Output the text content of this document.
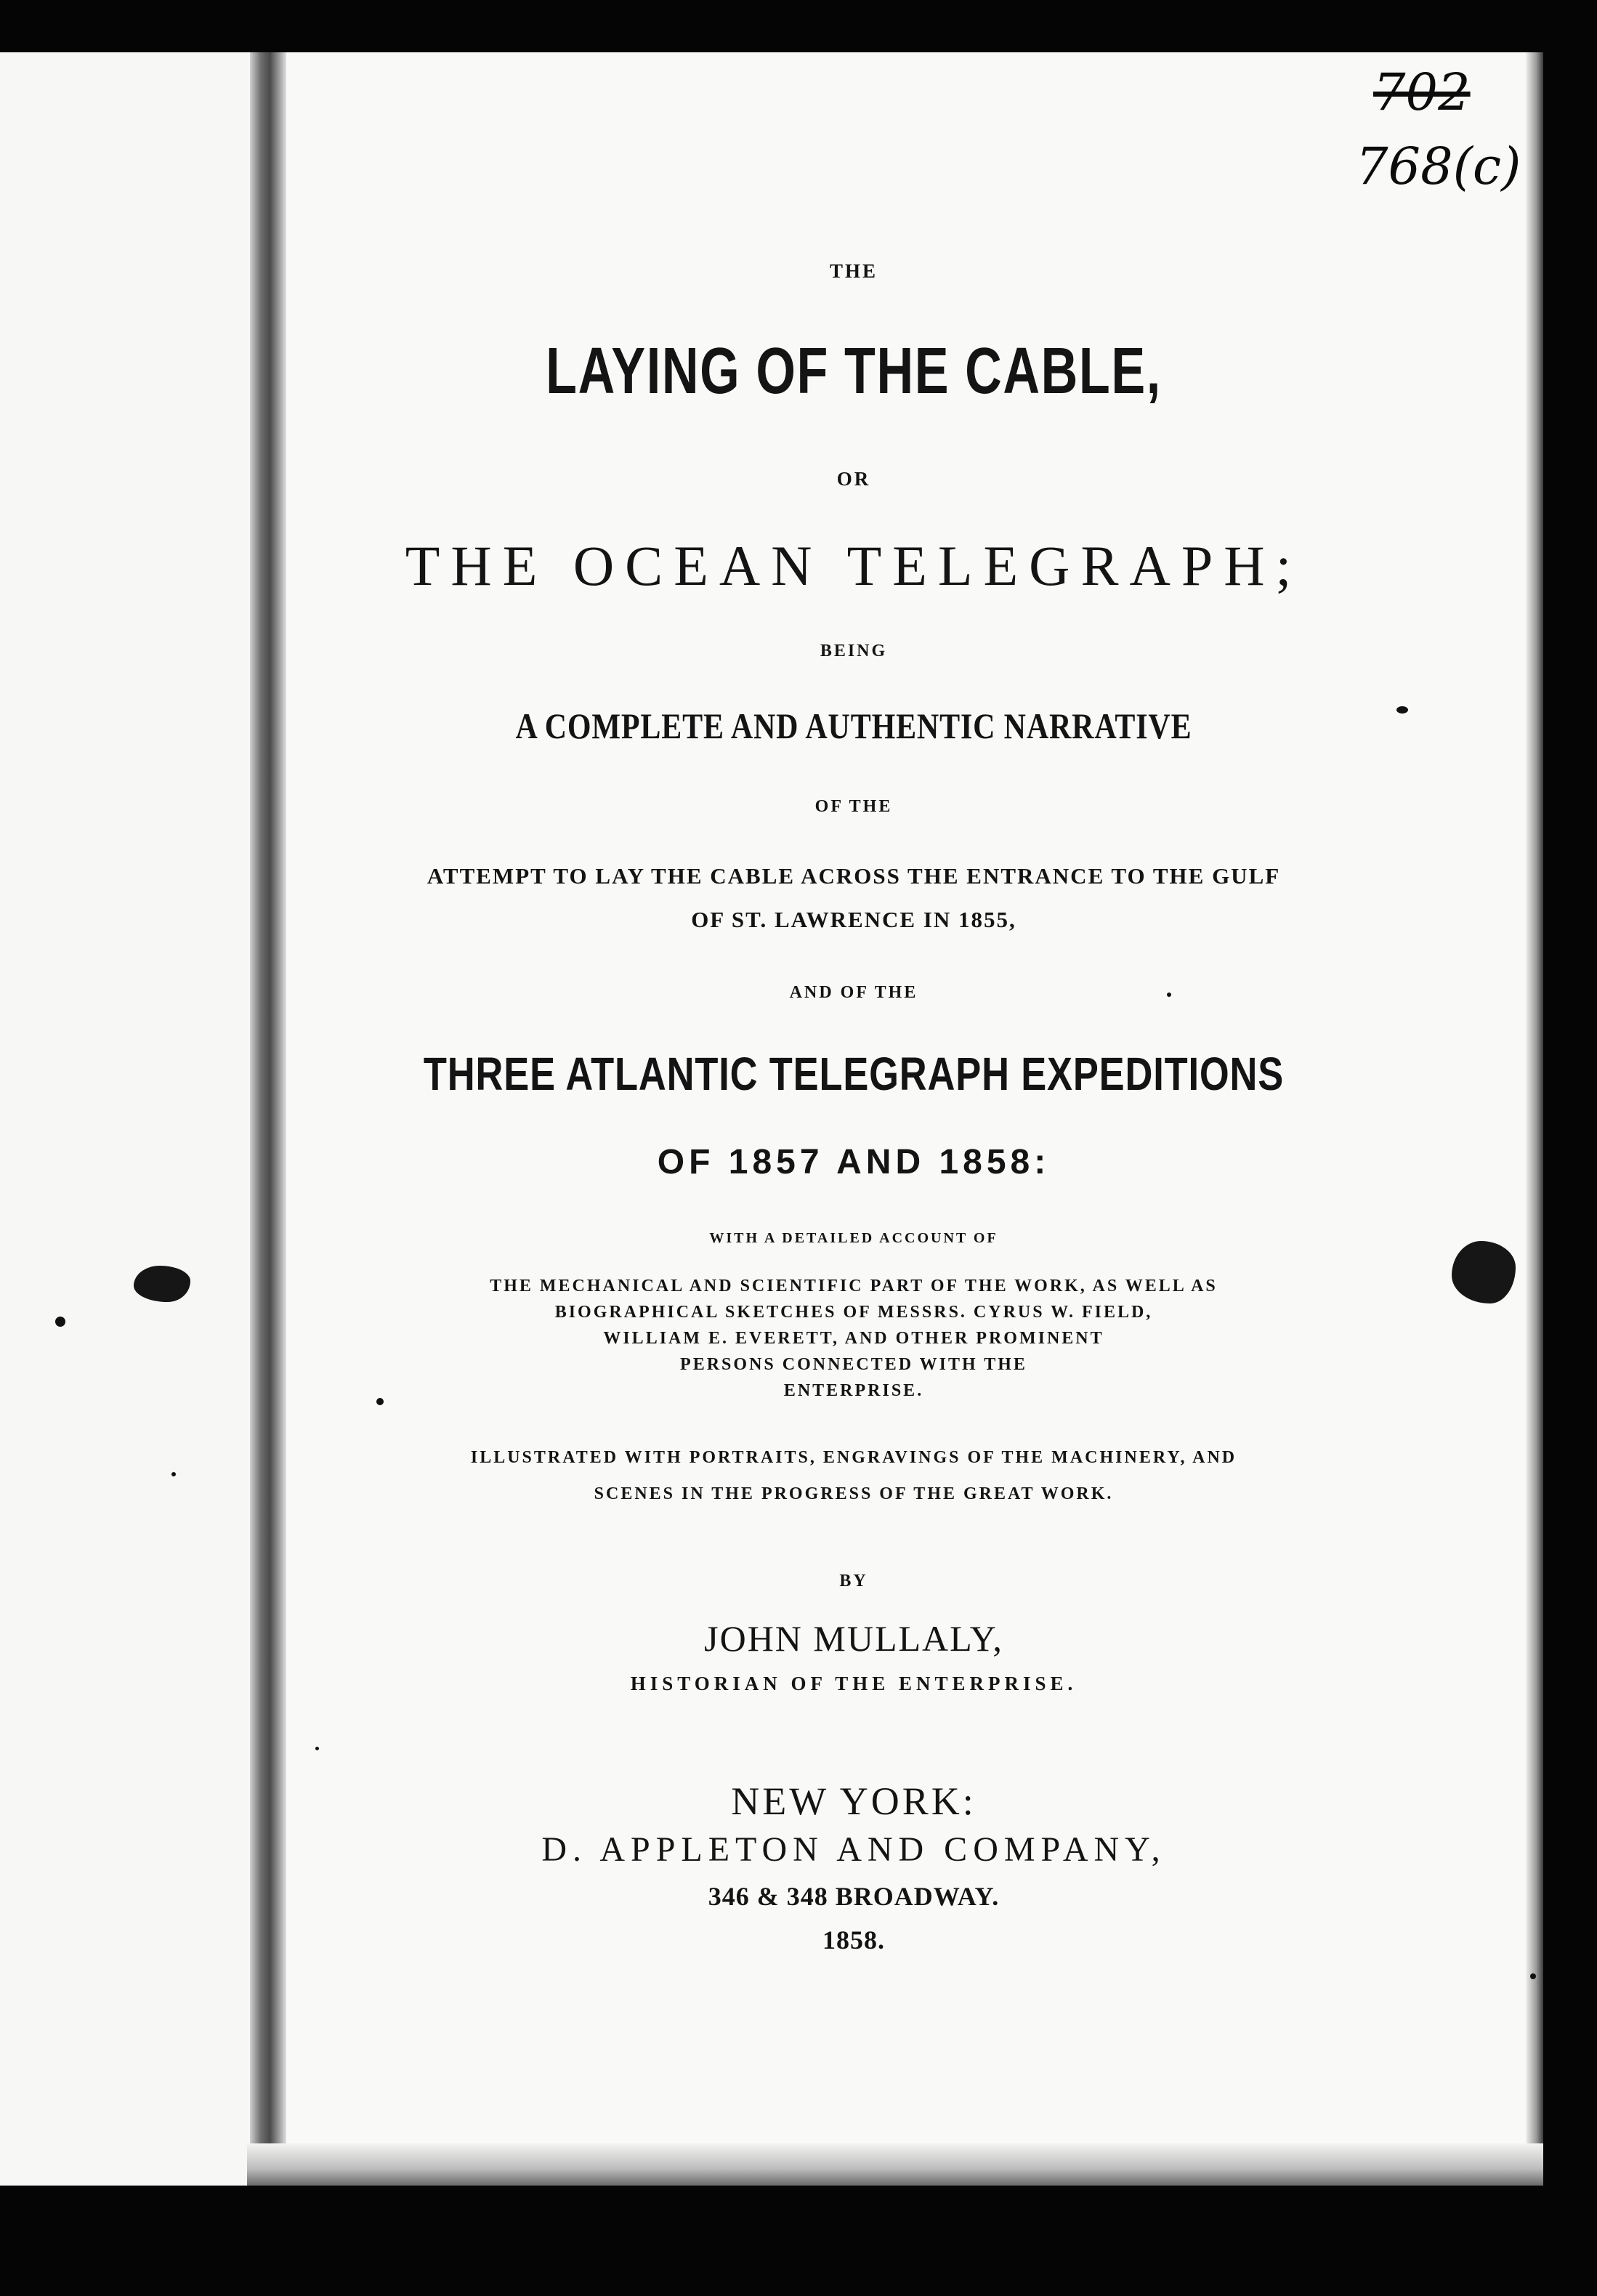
702
768(c)
THE
LAYING OF THE CABLE,
OR
THE OCEAN TELEGRAPH;
BEING
A COMPLETE AND AUTHENTIC NARRATIVE
OF THE
ATTEMPT TO LAY THE CABLE ACROSS THE ENTRANCE TO THE GULF
OF ST. LAWRENCE IN 1855,
AND OF THE
THREE ATLANTIC TELEGRAPH EXPEDITIONS
OF 1857 AND 1858:
WITH A DETAILED ACCOUNT OF
THE MECHANICAL AND SCIENTIFIC PART OF THE WORK, AS WELL AS
BIOGRAPHICAL SKETCHES OF MESSRS. CYRUS W. FIELD,
WILLIAM E. EVERETT, AND OTHER PROMINENT
PERSONS CONNECTED WITH THE
ENTERPRISE.
ILLUSTRATED WITH PORTRAITS, ENGRAVINGS OF THE MACHINERY, AND
SCENES IN THE PROGRESS OF THE GREAT WORK.
BY
JOHN MULLALY,
HISTORIAN OF THE ENTERPRISE.
NEW YORK:
D. APPLETON AND COMPANY,
346 & 348 BROADWAY.
1858.
